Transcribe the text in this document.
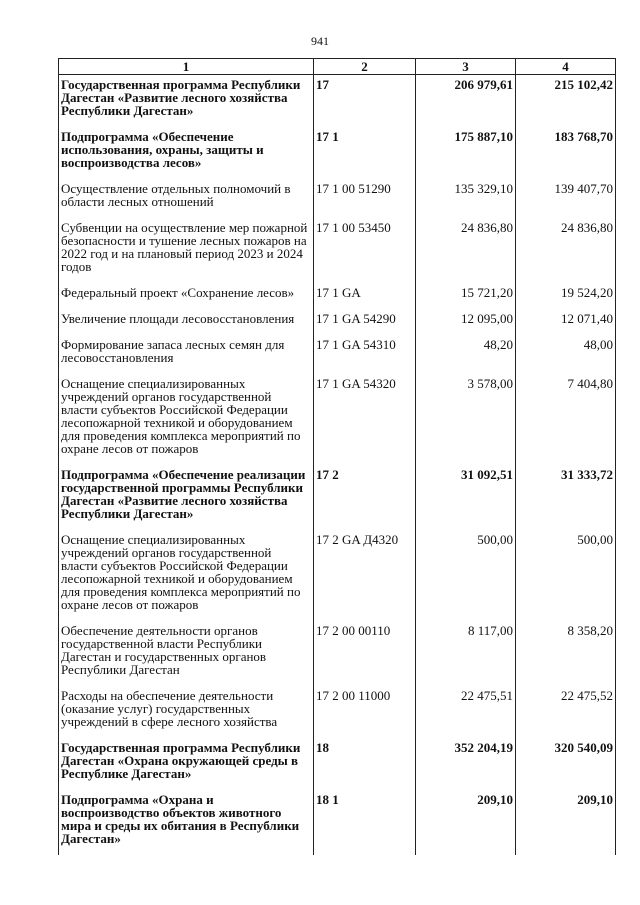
941
1	2	3	4
Государственная программа Республики Дагестан «Развитие лесного хозяйства Республики Дагестан»	17	206 979,61	215 102,42
Подпрограмма «Обеспечение использования, охраны, защиты и воспроизводства лесов»	17 1	175 887,10	183 768,70
Осуществление отдельных полномочий в области лесных отношений	17 1 00 51290	135 329,10	139 407,70
Субвенции на осуществление мер пожарной безопасности и тушение лесных пожаров на 2022 год и на плановый период 2023 и 2024 годов	17 1 00 53450	24 836,80	24 836,80
Федеральный проект «Сохранение лесов»	17 1 GA	15 721,20	19 524,20
Увеличение площади лесовосстановления	17 1 GA 54290	12 095,00	12 071,40
Формирование запаса лесных семян для лесовосстановления	17 1 GA 54310	48,20	48,00
Оснащение специализированных учреждений органов государственной власти субъектов Российской Федерации лесопожарной техникой и оборудованием для проведения комплекса мероприятий по охране лесов от пожаров	17 1 GA 54320	3 578,00	7 404,80
Подпрограмма «Обеспечение реализации государственной программы Республики Дагестан «Развитие лесного хозяйства Республики Дагестан»	17 2	31 092,51	31 333,72
Оснащение специализированных учреждений органов государственной власти субъектов Российской Федерации лесопожарной техникой и оборудованием для проведения комплекса мероприятий по охране лесов от пожаров	17 2 GA Д4320	500,00	500,00
Обеспечение деятельности органов государственной власти Республики Дагестан и государственных органов Республики Дагестан	17 2 00 00110	8 117,00	8 358,20
Расходы на обеспечение деятельности (оказание услуг) государственных учреждений в сфере лесного хозяйства	17 2 00 11000	22 475,51	22 475,52
Государственная программа Республики Дагестан «Охрана окружающей среды в Республике Дагестан»	18	352 204,19	320 540,09
Подпрограмма «Охрана и воспроизводство объектов животного мира и среды их обитания в Республики Дагестан»	18 1	209,10	209,10
